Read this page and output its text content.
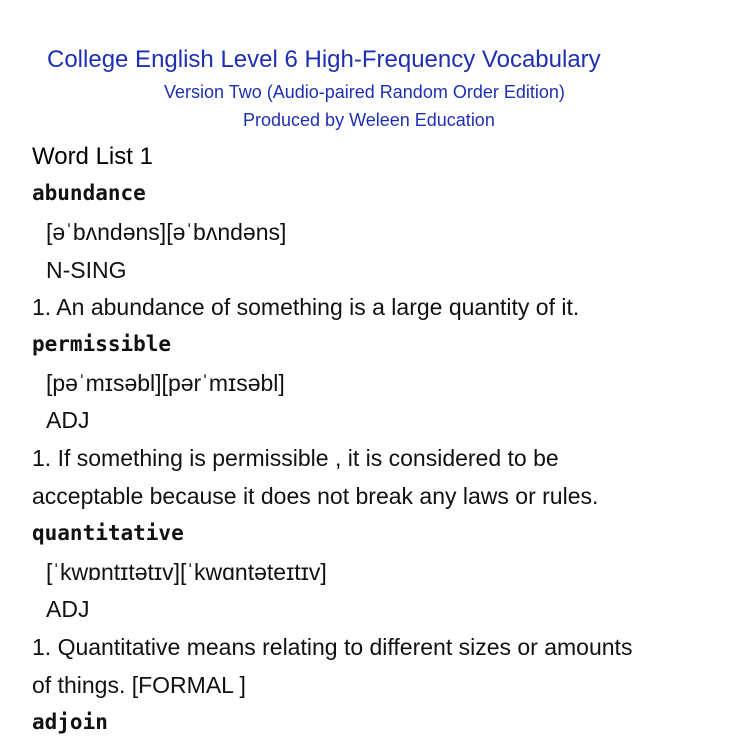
College English Level 6 High-Frequency Vocabulary
Version Two (Audio-paired Random Order Edition)
Produced by Weleen Education
Word List 1
abundance
[əˈbʌndəns][əˈbʌndəns]
N-SING
1. An abundance of something is a large quantity of it.
permissible
[pəˈmɪsəbl][pərˈmɪsəbl]
ADJ
1. If something is permissible , it is considered to be
acceptable because it does not break any laws or rules.
quantitative
[ˈkwɒntɪtətɪv][ˈkwɑntəteɪtɪv]
ADJ
1. Quantitative means relating to different sizes or amounts
of things. [FORMAL ]
adjoin
